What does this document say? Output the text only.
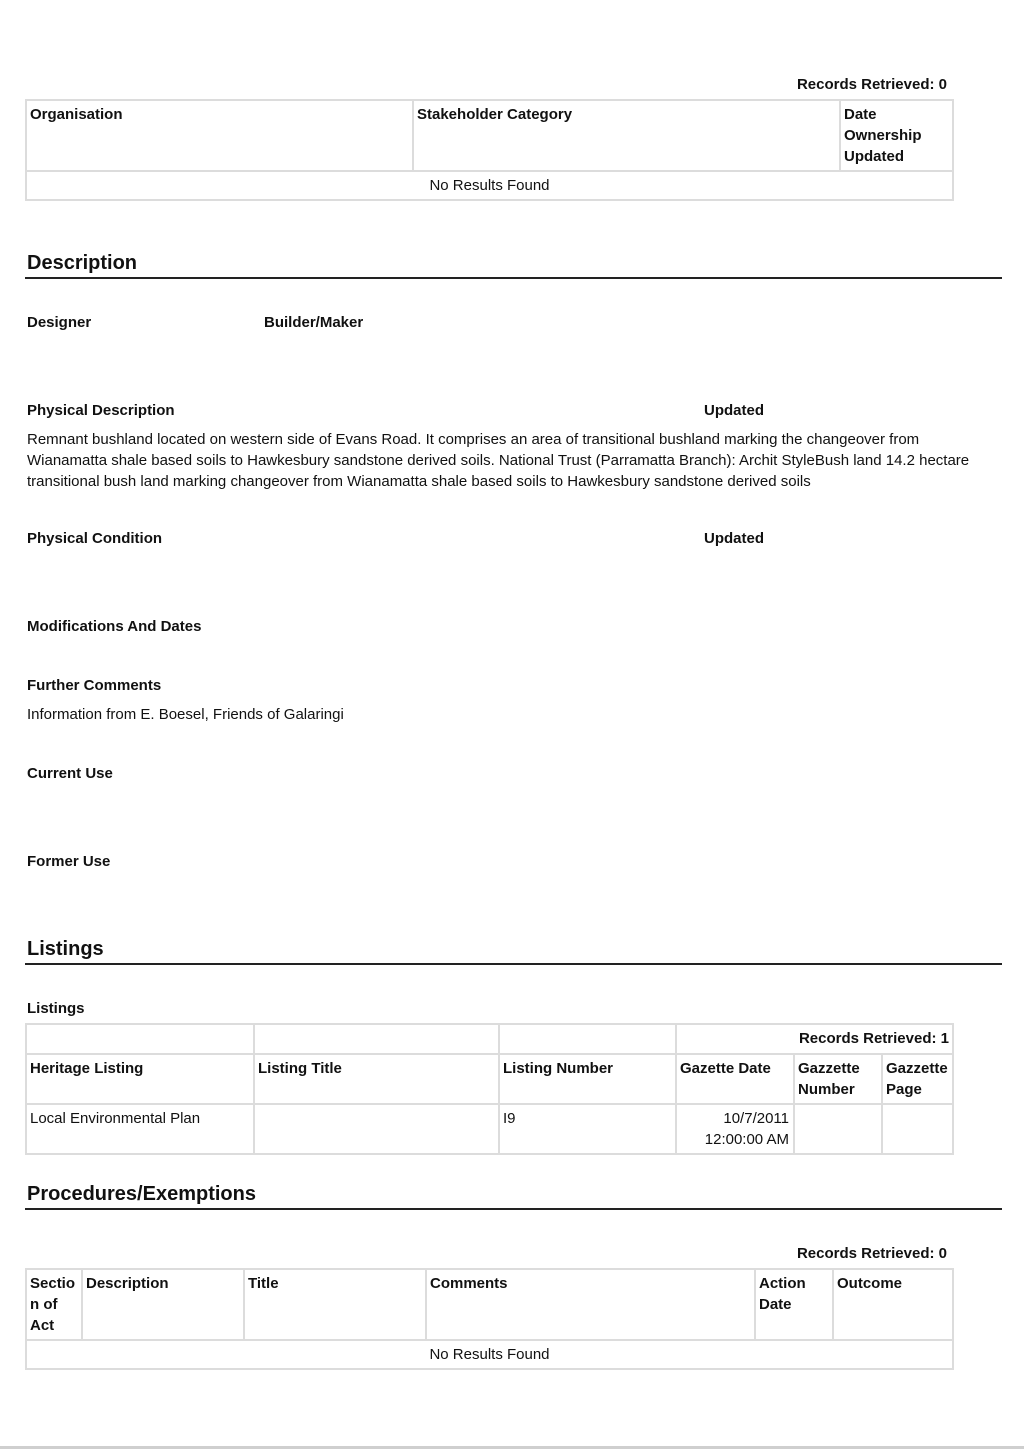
Records Retrieved: 0
Organisation	Stakeholder Category	Date Ownership Updated
No Results Found
Description
Designer	Builder/Maker
Physical Description	Updated
Remnant bushland located on western side of Evans Road. It comprises an area of transitional bushland marking the changeover from Wianamatta shale based soils to Hawkesbury sandstone derived soils. National Trust (Parramatta Branch): Archit StyleBush land 14.2 hectare transitional bush land marking changeover from Wianamatta shale based soils to Hawkesbury sandstone derived soils
Physical Condition	Updated
Modifications And Dates
Further Comments
Information from E. Boesel, Friends of Galaringi
Current Use
Former Use
Listings
Listings
			Records Retrieved: 1		
Heritage Listing	Listing Title	Listing Number	Gazette Date	Gazzette Number	Gazzette Page
Local Environmental Plan		I9	10/7/2011 12:00:00 AM		
Procedures/Exemptions
Records Retrieved: 0
Section of Act	Description	Title	Comments	Action Date	Outcome
No Results Found
